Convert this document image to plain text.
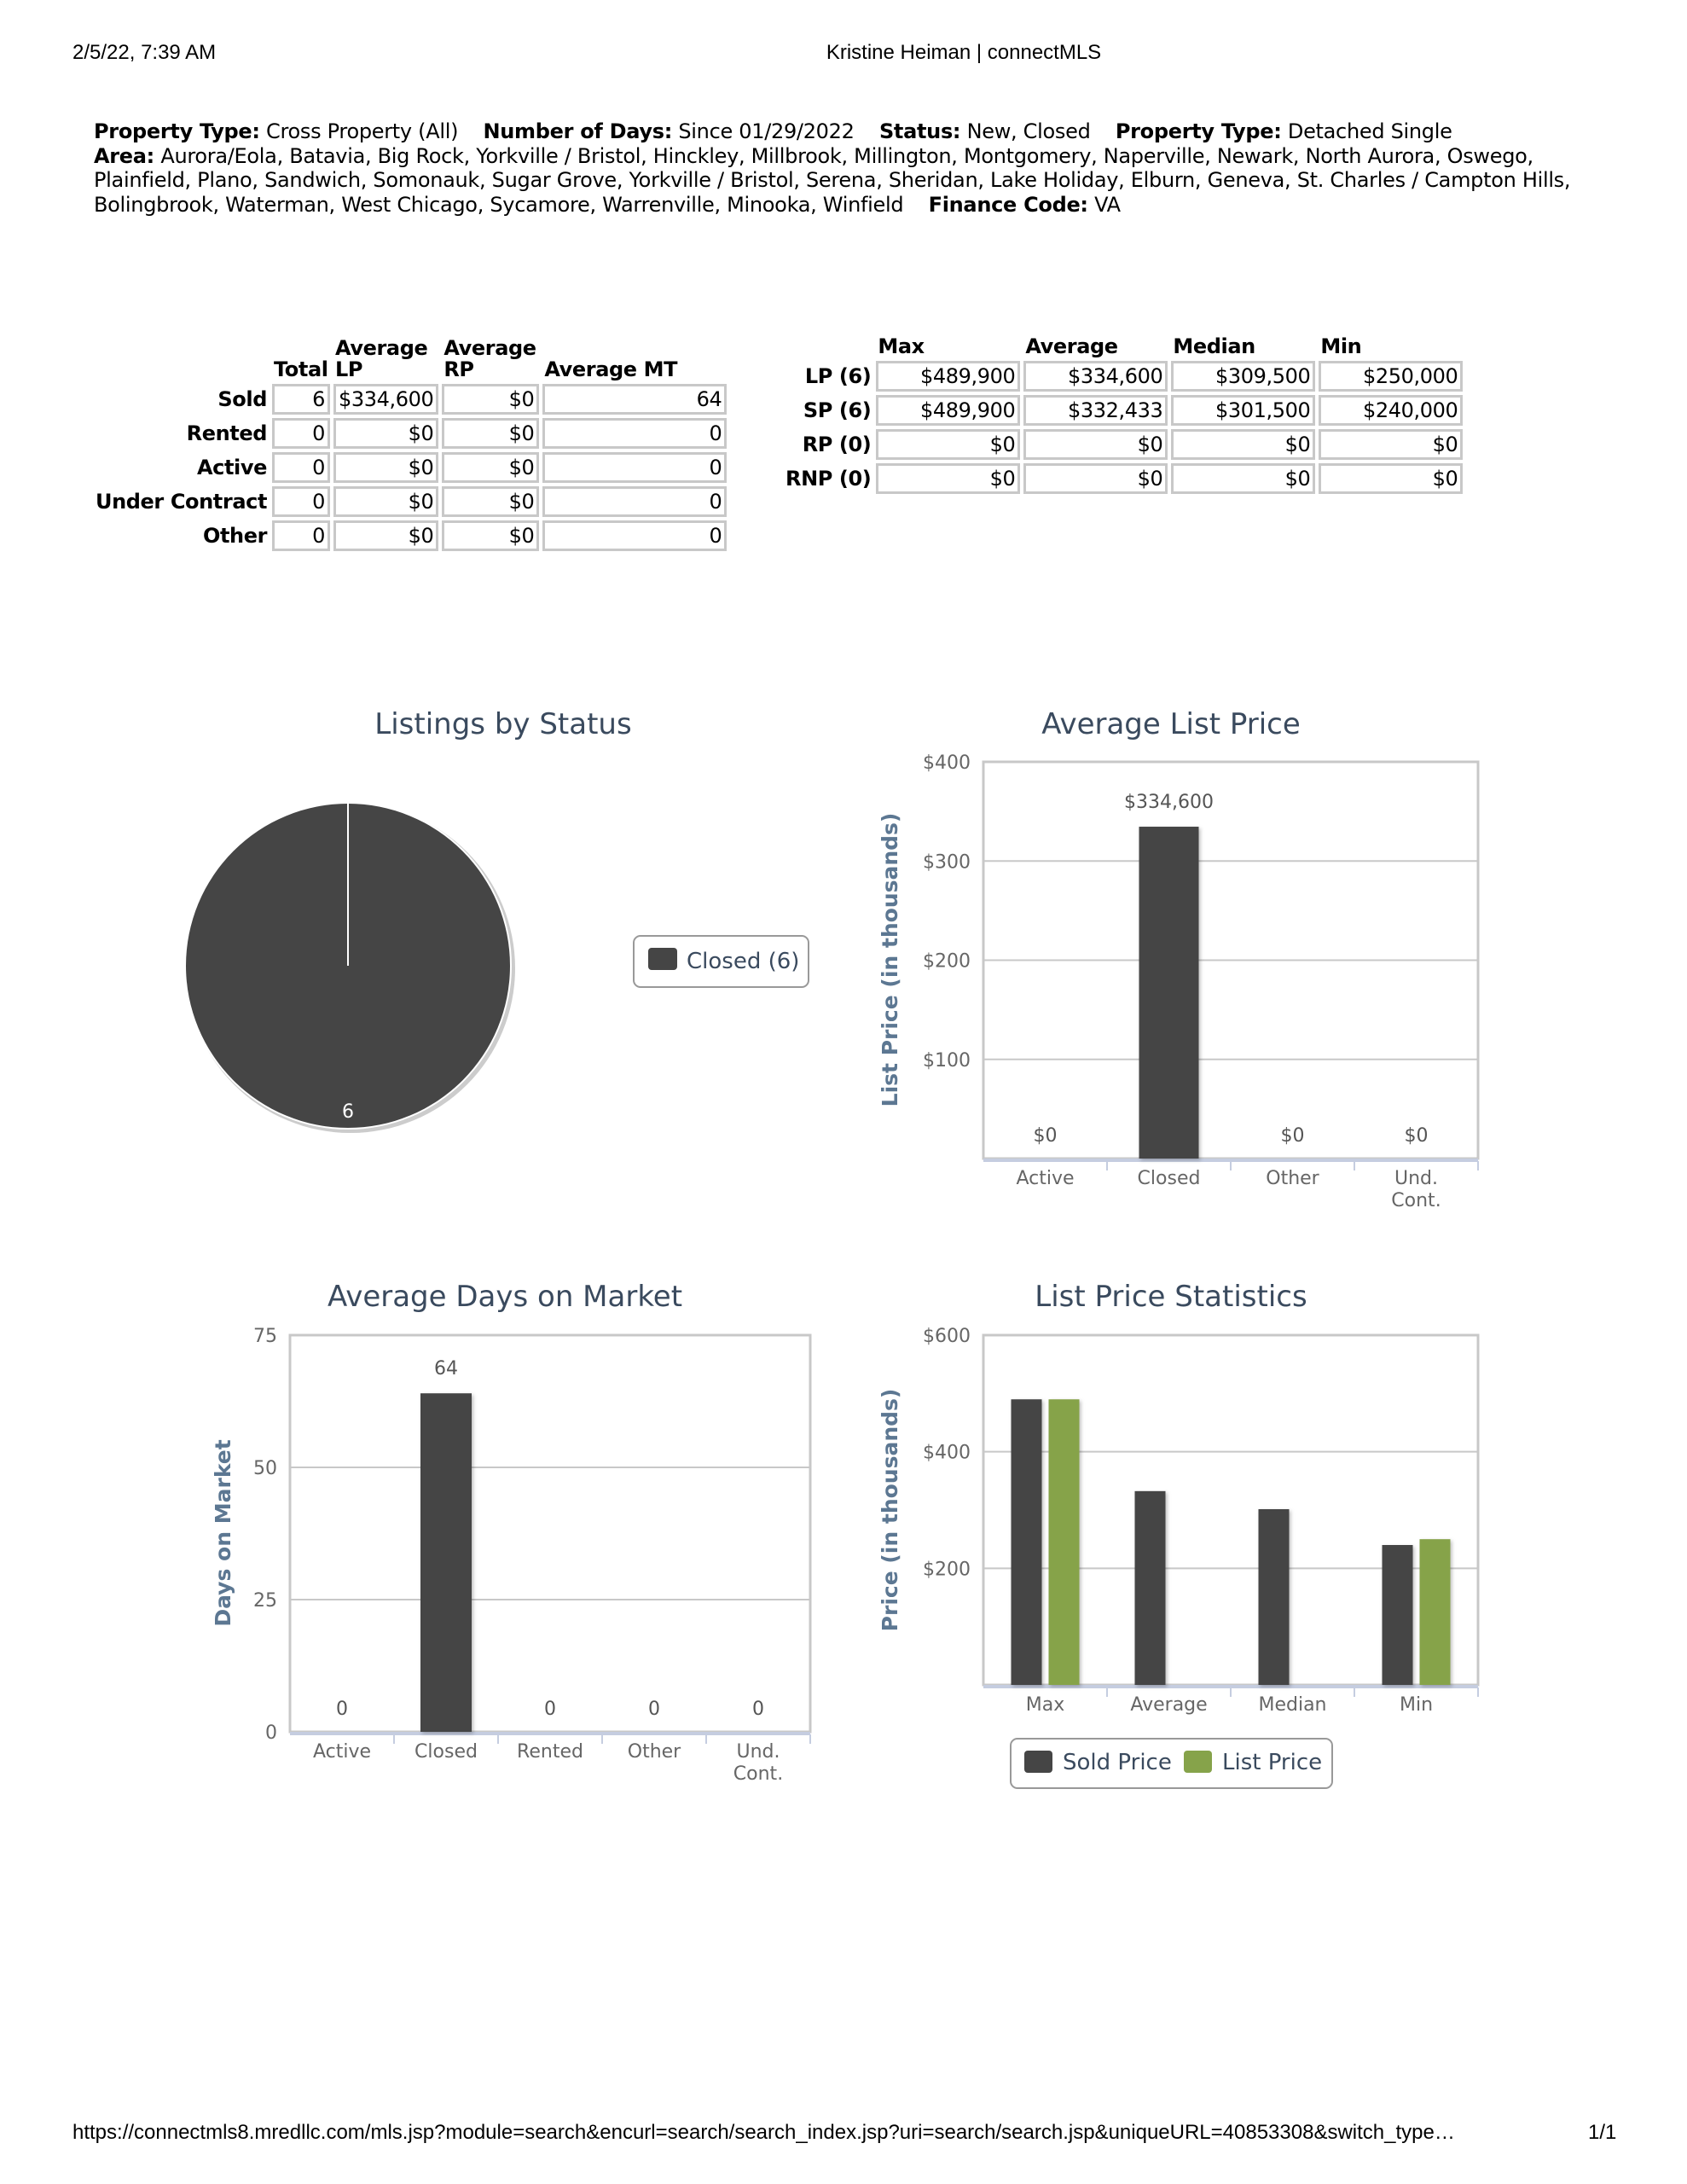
2/5/22, 7:39 AM	Kristine Heiman | connectMLS
Property Type: Cross Property (All) Number of Days: Since 01/29/2022 Status: New, Closed Property Type: Detached Single
Area: Aurora/Eola, Batavia, Big Rock, Yorkville / Bristol, Hinckley, Millbrook, Millington, Montgomery, Naperville, Newark, North Aurora, Oswego, Plainfield, Plano, Sandwich, Somonauk, Sugar Grove, Yorkville / Bristol, Serena, Sheridan, Lake Holiday, Elburn, Geneva, St. Charles / Campton Hills, Bolingbrook, Waterman, West Chicago, Sycamore, Warrenville, Minooka, Winfield Finance Code: VA
	Total	Average LP	Average RP	Average MT
Sold	6	$334,600	$0	64
Rented	0	$0	$0	0
Active	0	$0	$0	0
Under Contract	0	$0	$0	0
Other	0	$0	$0	0
	Max	Average	Median	Min
LP (6)	$489,900	$334,600	$309,500	$250,000
SP (6)	$489,900	$332,433	$301,500	$240,000
RP (0)	$0	$0	$0	$0
RNP (0)	$0	$0	$0	$0
Listings by Status
6
Closed (6)
Average List Price
List Price (in thousands) $100
$200
$300
$400
Active	Closed	Other	Und. Cont.
$0
$334,600
$0	$0
Average Days on Market
Days on Market
0
25
50
75
Active Closed Rented Other	Und. Cont.
0
64
0	0	0
List Price Statistics
Price (in thousands) $200
$400
$600
Max	Average	Median	Min
Sold Price List Price
https://connectmls8.mredllc.com/mls.jsp?module=search&encurl=search/search_index.jsp?uri=search/search.jsp&uniqueURL=40853308&switch_type…	1/1
